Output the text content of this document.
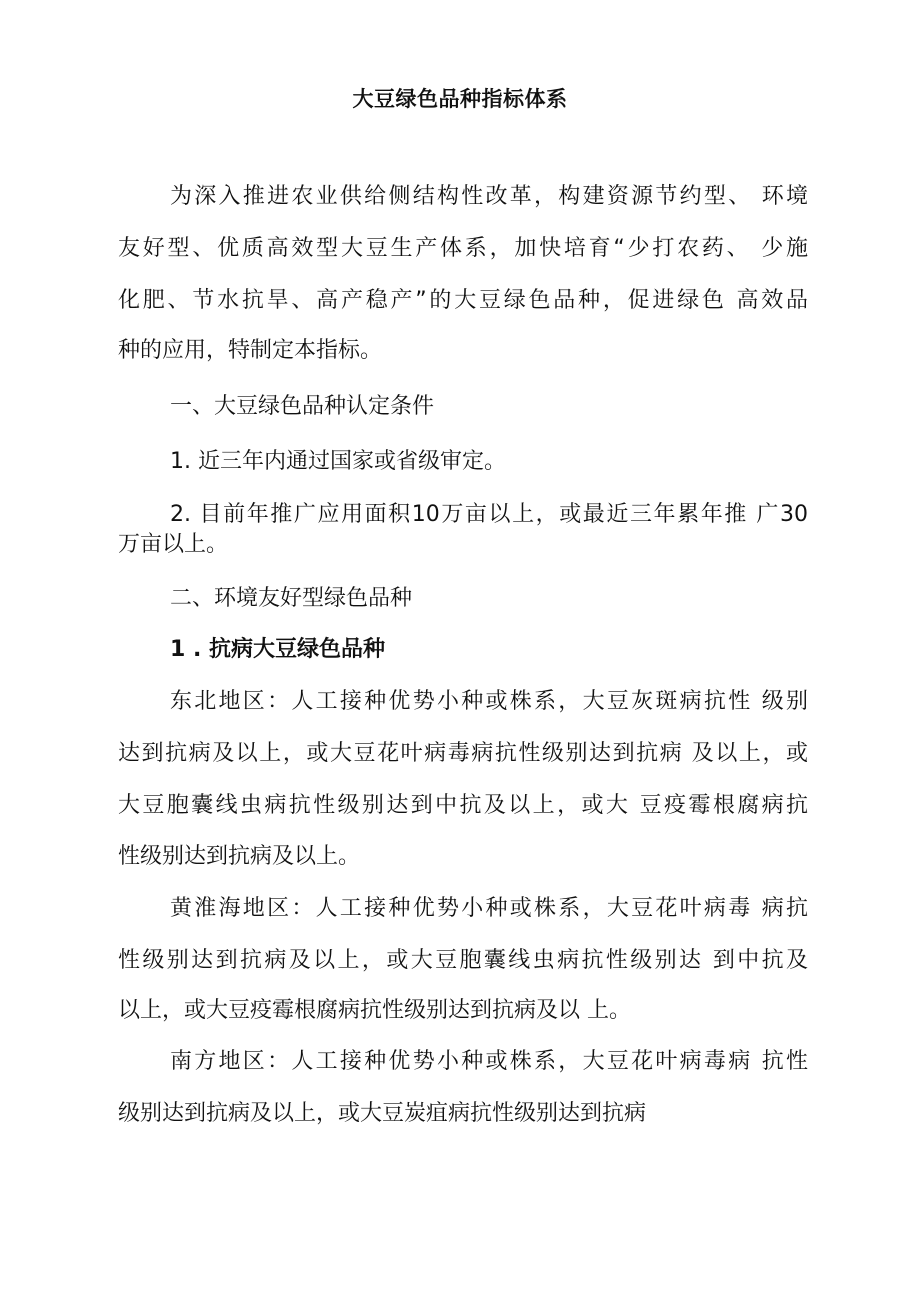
大豆绿色品种指标体系
为深入推进农业供给侧结构性改革，构建资源节约型、 环境
友好型、优质高效型大豆生产体系，加快培育“少打农药、 少施
化肥、节水抗旱、高产稳产”的大豆绿色品种，促进绿色 高效品
种的应用，特制定本指标。
一、大豆绿色品种认定条件
1. 近三年内通过国家或省级审定。
2. 目前年推广应用面积10万亩以上，或最近三年累年推 广30
万亩以上。
二、环境友好型绿色品种
1 . 抗病大豆绿色品种
东北地区：人工接种优势小种或株系，大豆灰斑病抗性 级别
达到抗病及以上，或大豆花叶病毒病抗性级别达到抗病 及以上，或
大豆胞囊线虫病抗性级别达到中抗及以上，或大 豆疫霉根腐病抗
性级别达到抗病及以上。
黄淮海地区：人工接种优势小种或株系，大豆花叶病毒 病抗
性级别达到抗病及以上，或大豆胞囊线虫病抗性级别达 到中抗及
以上，或大豆疫霉根腐病抗性级别达到抗病及以 上。
南方地区：人工接种优势小种或株系，大豆花叶病毒病 抗性
级别达到抗病及以上，或大豆炭疽病抗性级别达到抗病
